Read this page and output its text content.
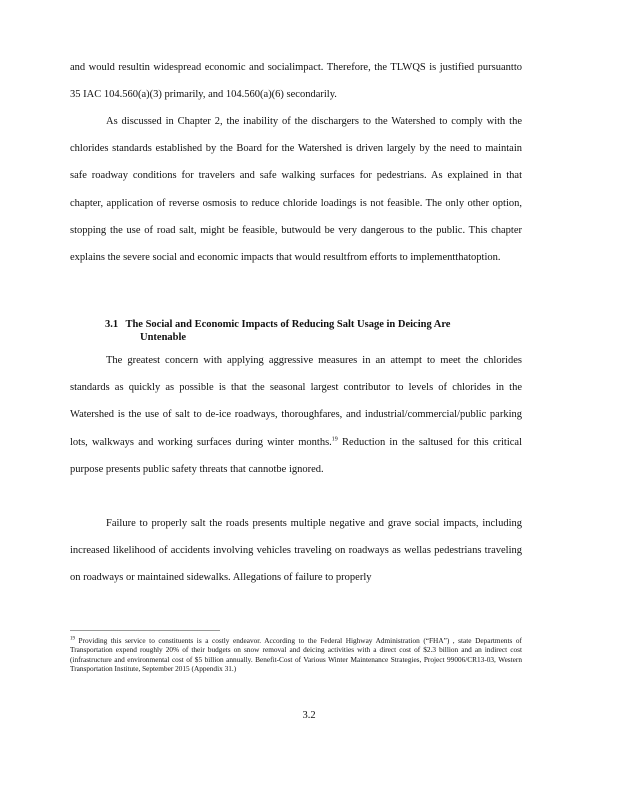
and would resultin widespread economic and socialimpact. Therefore, the TLWQS is justified pursuantto 35 IAC 104.560(a)(3) primarily, and 104.560(a)(6) secondarily.

As discussed in Chapter 2, the inability of the dischargers to the Watershed to comply with the chlorides standards established by the Board for the Watershed is driven largely by the need to maintain safe roadway conditions for travelers and safe walking surfaces for pedestrians. As explained in that chapter, application of reverse osmosis to reduce chloride loadings is not feasible. The only other option, stopping the use of road salt, might be feasible, butwould be very dangerous to the public. This chapter explains the severe social and economic impacts that would resultfrom efforts to implementthatoption.

3.1 The Social and Economic Impacts of Reducing Salt Usage in Deicing Are
Untenable

The greatest concern with applying aggressive measures in an attempt to meet the chlorides standards as quickly as possible is that the seasonal largest contributor to levels of chlorides in the Watershed is the use of salt to de-ice roadways, thoroughfares, and industrial/commercial/public parking lots, walkways and working surfaces during winter months.$^{19}$ Reduction in the saltused for this critical purpose presents public safety threats that cannotbe ignored.

Failure to properly salt the roads presents multiple negative and grave social impacts, including increased likelihood of accidents involving vehicles traveling on roadways as wellas pedestrians traveling on roadways or maintained sidewalks. Allegations of failure to properly

$^{19}$ Providing this service to constituents is a costly endeavor. According to the Federal Highway Administration (“FHA”) , state Departments of Transportation expend roughly 20% of their budgets on snow removal and deicing activities with a direct cost of $2.3 billion and an indirect cost (infrastructure and environmental cost of $5 billion annually. Benefit-Cost of Various Winter Maintenance Strategies, Project 99006/CR13-03, Western Transportation Institute, September 2015 (Appendix 31.)

3.2
